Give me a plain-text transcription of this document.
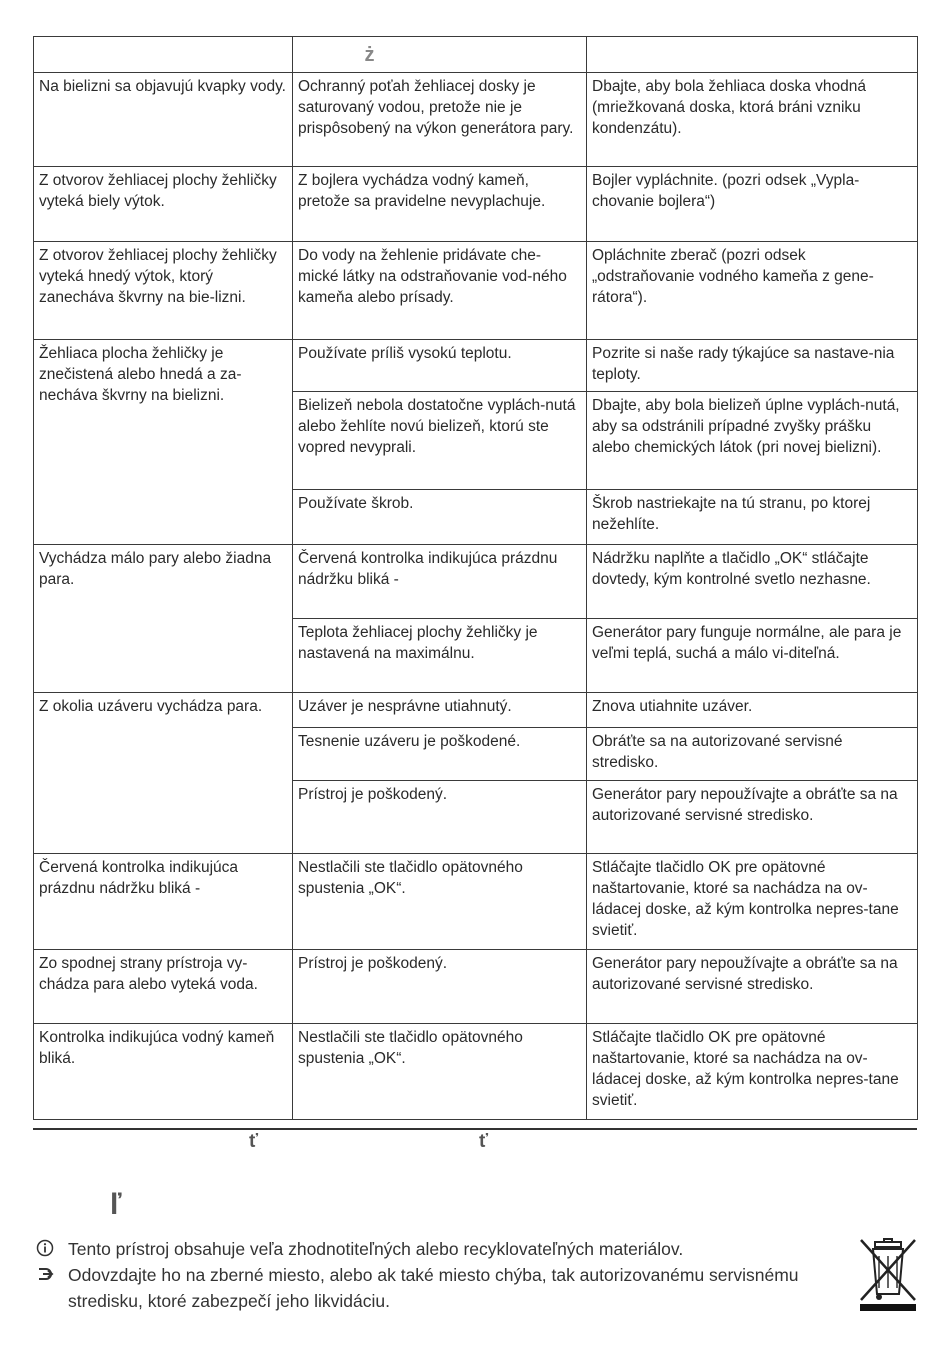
	ż	

Na bielizni sa objavujú kvapky vody.	Ochranný poťah žehliacej dosky je saturovaný vodou, pretože nie je prispôsobený na výkon generátora pary.	Dbajte, aby bola žehliaca doska vhodná (mriežkovaná doska, ktorá bráni vzniku kondenzátu).
Z otvorov žehliacej plochy žehličky vyteká biely výtok.	Z bojlera vychádza vodný kameň, pretože sa pravidelne nevyplachuje.	Bojler vypláchnite. (pozri odsek „Vypla-chovanie bojlera“)
Z otvorov žehliacej plochy žehličky vyteká hnedý výtok, ktorý zanecháva škvrny na bie-lizni.	Do vody na žehlenie pridávate che-mické látky na odstraňovanie vod-ného kameňa alebo prísady.	Opláchnite zberač (pozri odsek „odstraňovanie vodného kameňa z gene-rátora“).
Žehliaca plocha žehličky je znečistená alebo hnedá a za-necháva škvrny na bielizni.	Používate príliš vysokú teplotu.	Pozrite si naše rady týkajúce sa nastave-nia teploty.
	Bielizeň nebola dostatočne vyplách-nutá alebo žehlíte novú bielizeň, ktorú ste vopred nevyprali.	Dbajte, aby bola bielizeň úplne vyplách-nutá, aby sa odstránili prípadné zvyšky prášku alebo chemických látok (pri novej bielizni).
	Používate škrob.	Škrob nastriekajte na tú stranu, po ktorej nežehlíte.
Vychádza málo pary alebo žiadna para.	Červená kontrolka indikujúca prázdnu nádržku bliká -	Nádržku naplňte a tlačidlo „OK“ stláčajte dovtedy, kým kontrolné svetlo nezhasne.
	Teplota žehliacej plochy žehličky je nastavená na maximálnu.	Generátor pary funguje normálne, ale para je veľmi teplá, suchá a málo vi-diteľná.
Z okolia uzáveru vychádza para.	Uzáver je nesprávne utiahnutý.	Znova utiahnite uzáver.
	Tesnenie uzáveru je poškodené.	Obráťte sa na autorizované servisné stredisko.
	Prístroj je poškodený.	Generátor pary nepoužívajte a obráťte sa na autorizované servisné stredisko.
Červená kontrolka indikujúca prázdnu nádržku bliká -	Nestlačili ste tlačidlo opätovného spustenia „OK“.	Stláčajte tlačidlo OK pre opätovné naštartovanie, ktoré sa nachádza na ov-ládacej doske, až kým kontrolka nepres-tane svietiť.
Zo spodnej strany prístroja vy-chádza para alebo vyteká voda.	Prístroj je poškodený.	Generátor pary nepoužívajte a obráťte sa na autorizované servisné stredisko.
Kontrolka indikujúca vodný kameň bliká.	Nestlačili ste tlačidlo opätovného spustenia „OK“.	Stláčajte tlačidlo OK pre opätovné naštartovanie, ktoré sa nachádza na ov-ládacej doske, až kým kontrolka nepres-tane svietiť.
ť	ť
ľ
Tento prístroj obsahuje veľa zhodnotiteľných alebo recyklovateľných materiálov.
Odovzdajte ho na zberné miesto, alebo ak také miesto chýba, tak autorizovanému servisnému stredisku, ktoré zabezpečí jeho likvidáciu.
